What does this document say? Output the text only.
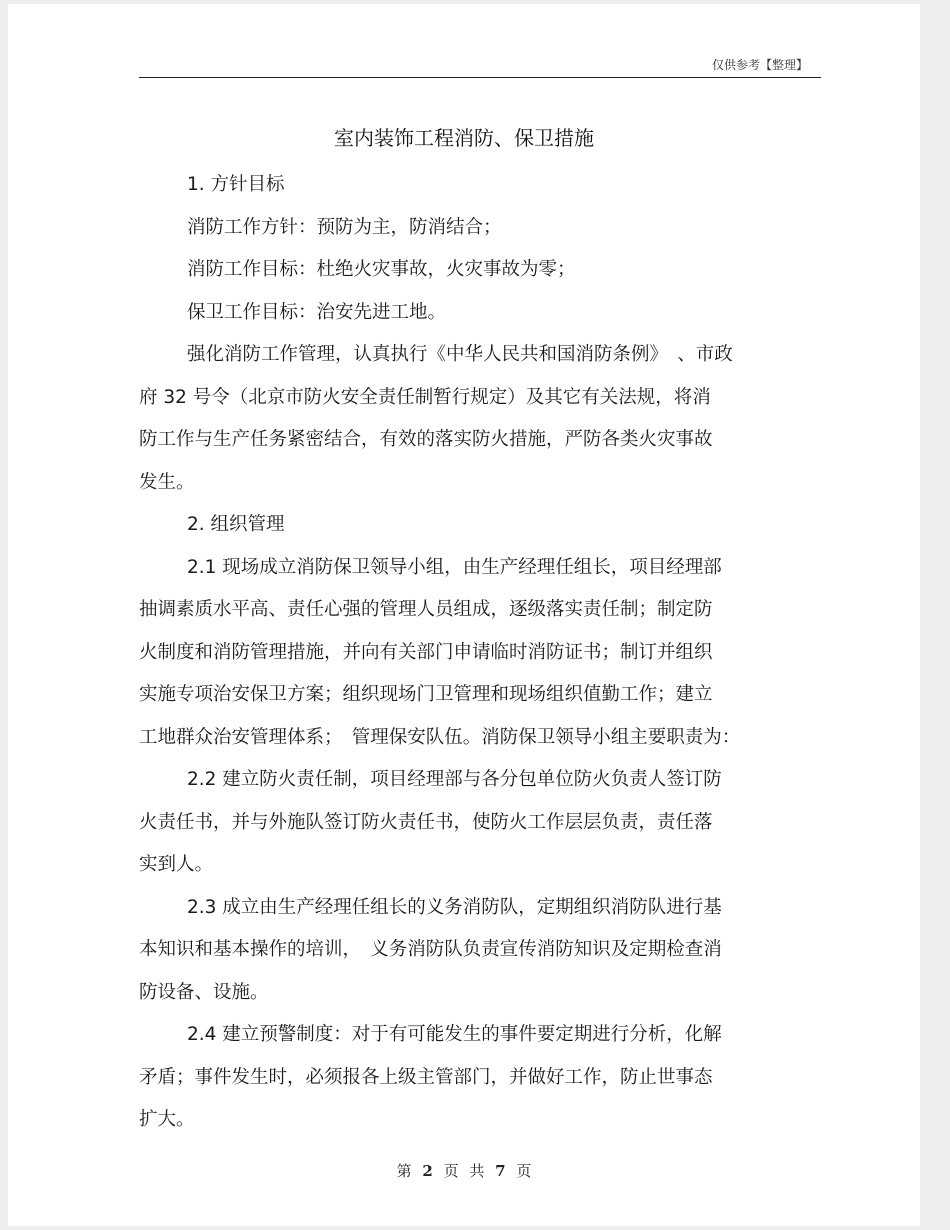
仅供参考【整理】
室内装饰工程消防、保卫措施
1. 方针目标
消防工作方针：预防为主，防消结合；
消防工作目标：杜绝火灾事故，火灾事故为零；
保卫工作目标：治安先进工地。
强化消防工作管理，认真执行《中华人民共和国消防条例》　、市政
府 32 号令（北京市防火安全责任制暂行规定）及其它有关法规，将消
防工作与生产任务紧密结合，有效的落实防火措施，严防各类火灾事故
发生。
2. 组织管理
2.1 现场成立消防保卫领导小组，由生产经理任组长，项目经理部
抽调素质水平高、责任心强的管理人员组成，逐级落实责任制；制定防
火制度和消防管理措施，并向有关部门申请临时消防证书；制订并组织
实施专项治安保卫方案；组织现场门卫管理和现场组织值勤工作；建立
工地群众治安管理体系；　管理保安队伍。消防保卫领导小组主要职责为：
2.2 建立防火责任制，项目经理部与各分包单位防火负责人签订防
火责任书，并与外施队签订防火责任书，使防火工作层层负责，责任落
实到人。
2.3 成立由生产经理任组长的义务消防队，定期组织消防队进行基
本知识和基本操作的培训，　义务消防队负责宣传消防知识及定期检查消
防设备、设施。
2.4 建立预警制度：对于有可能发生的事件要定期进行分析，化解
矛盾；事件发生时，必须报各上级主管部门，并做好工作，防止世事态
扩大。
第 2 页 共 7 页
